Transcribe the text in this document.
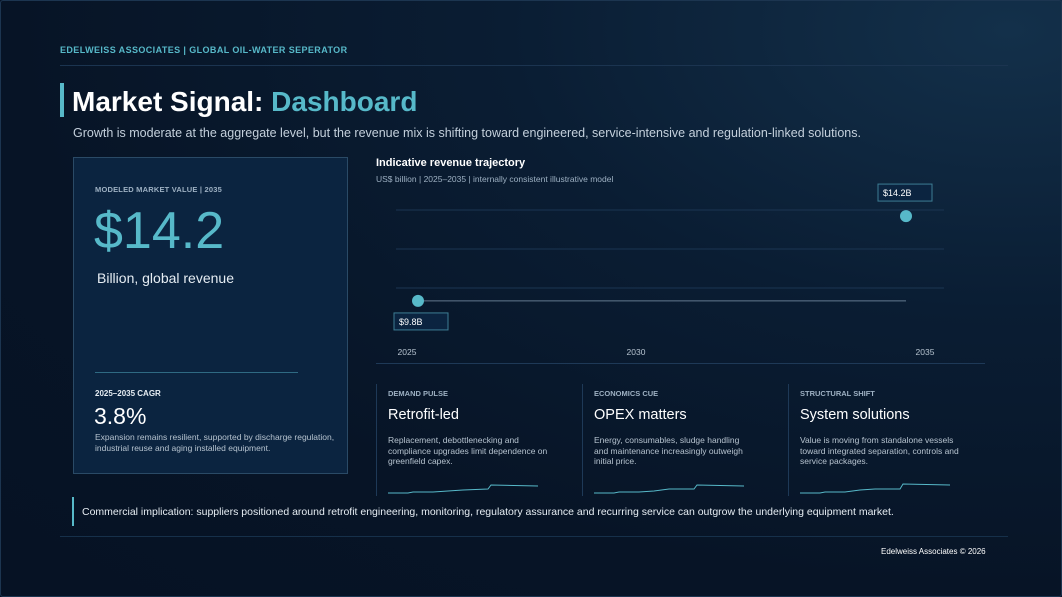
EDELWEISS ASSOCIATES | GLOBAL OIL-WATER SEPERATOR
Market Signal: Dashboard
Growth is moderate at the aggregate level, but the revenue mix is shifting toward engineered, service-intensive and regulation-linked solutions.
MODELED MARKET VALUE | 2035
$14.2
Billion, global revenue
2025–2035 CAGR
3.8%
Expansion remains resilient, supported by discharge regulation, industrial reuse and aging installed equipment.
Indicative revenue trajectory
US$ billion | 2025–2035 | internally consistent illustrative model
$9.8B
$14.2B
2025	2030	2035
DEMAND PULSE
Retrofit-led
Replacement, debottlenecking and compliance upgrades limit dependence on greenfield capex.
ECONOMICS CUE
OPEX matters
Energy, consumables, sludge handling and maintenance increasingly outweigh initial price.
STRUCTURAL SHIFT
System solutions
Value is moving from standalone vessels toward integrated separation, controls and service packages.
Commercial implication: suppliers positioned around retrofit engineering, monitoring, regulatory assurance and recurring service can outgrow the underlying equipment market.
Edelweiss Associates © 2026
